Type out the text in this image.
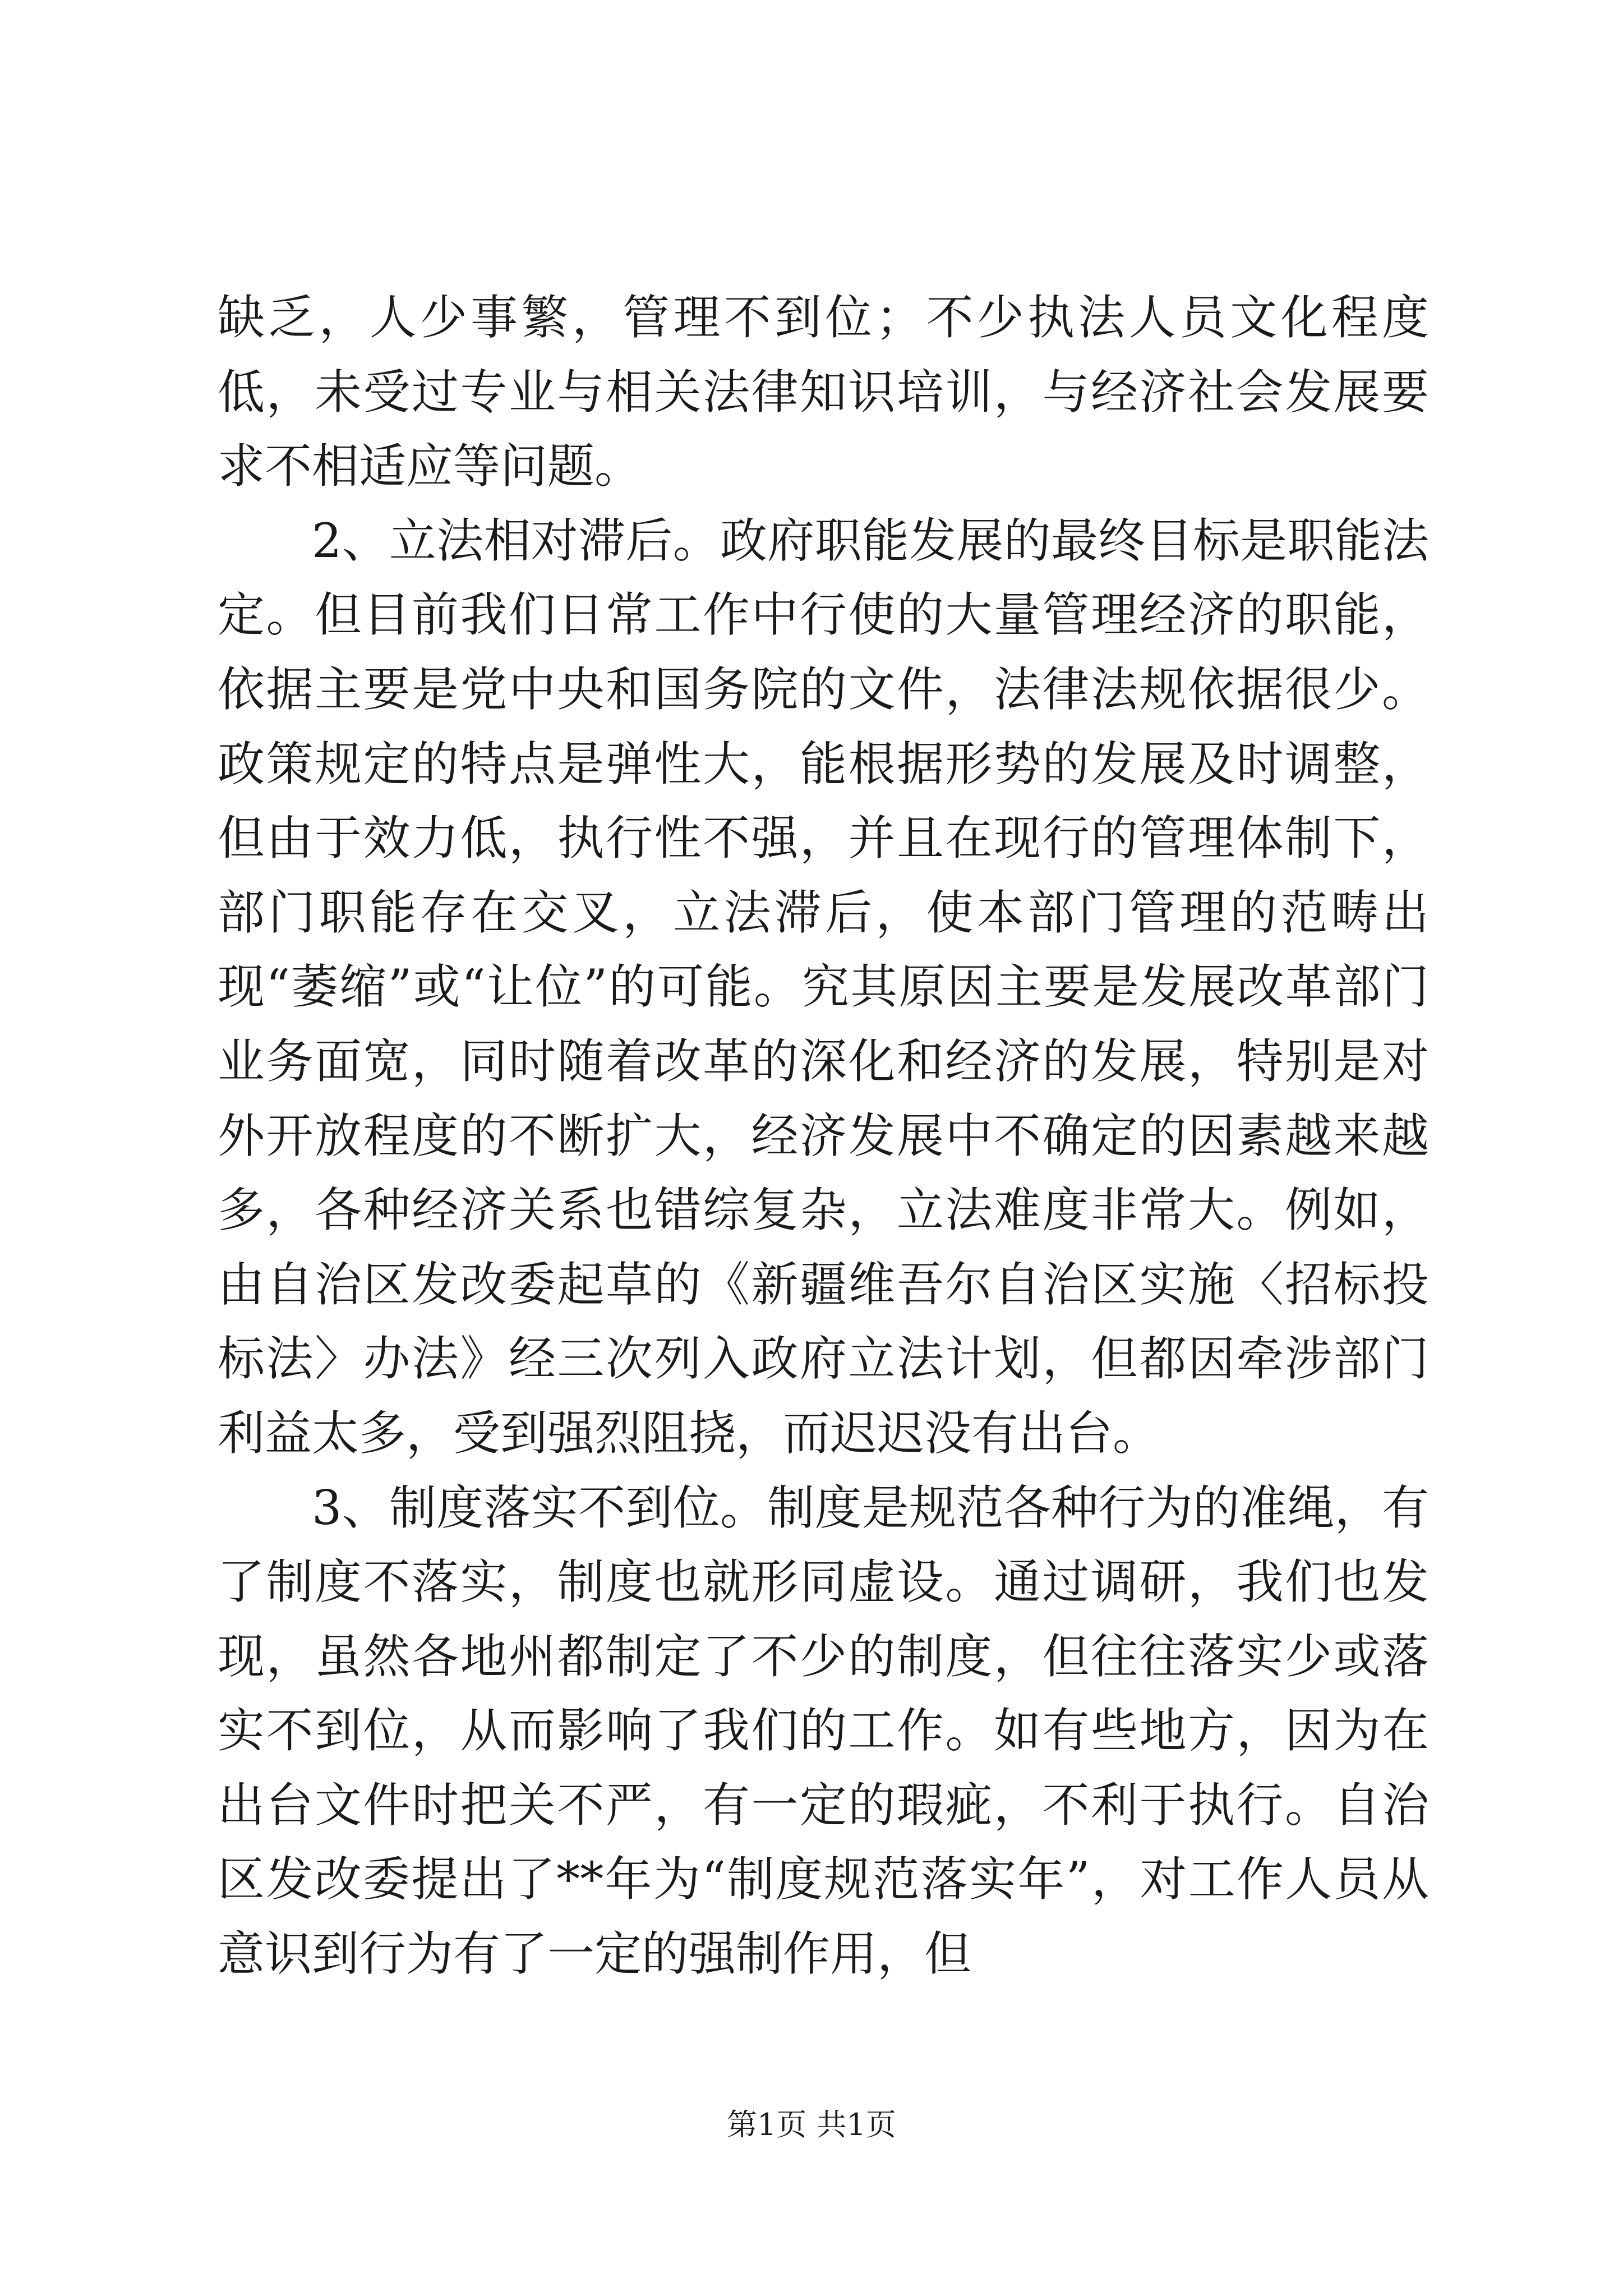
缺乏，人少事繁，管理不到位；不少执法人员文化程度低，未受过专业与相关法律知识培训，与经济社会发展要求不相适应等问题。

2、立法相对滞后。政府职能发展的最终目标是职能法定。但目前我们日常工作中行使的大量管理经济的职能，依据主要是党中央和国务院的文件，法律法规依据很少。政策规定的特点是弹性大，能根据形势的发展及时调整，但由于效力低，执行性不强，并且在现行的管理体制下，部门职能存在交叉，立法滞后，使本部门管理的范畴出现“萎缩”或“让位”的可能。究其原因主要是发展改革部门业务面宽，同时随着改革的深化和经济的发展，特别是对外开放程度的不断扩大，经济发展中不确定的因素越来越多，各种经济关系也错综复杂，立法难度非常大。例如，由自治区发改委起草的《新疆维吾尔自治区实施〈招标投标法〉办法》经三次列入政府立法计划，但都因牵涉部门利益太多，受到强烈阻挠，而迟迟没有出台。

3、制度落实不到位。制度是规范各种行为的准绳，有了制度不落实，制度也就形同虚设。通过调研，我们也发现，虽然各地州都制定了不少的制度，但往往落实少或落实不到位，从而影响了我们的工作。如有些地方，因为在出台文件时把关不严，有一定的瑕疵，不利于执行。自治区发改委提出了**年为“制度规范落实年”，对工作人员从意识到行为有了一定的强制作用，但

第1页 共1页
